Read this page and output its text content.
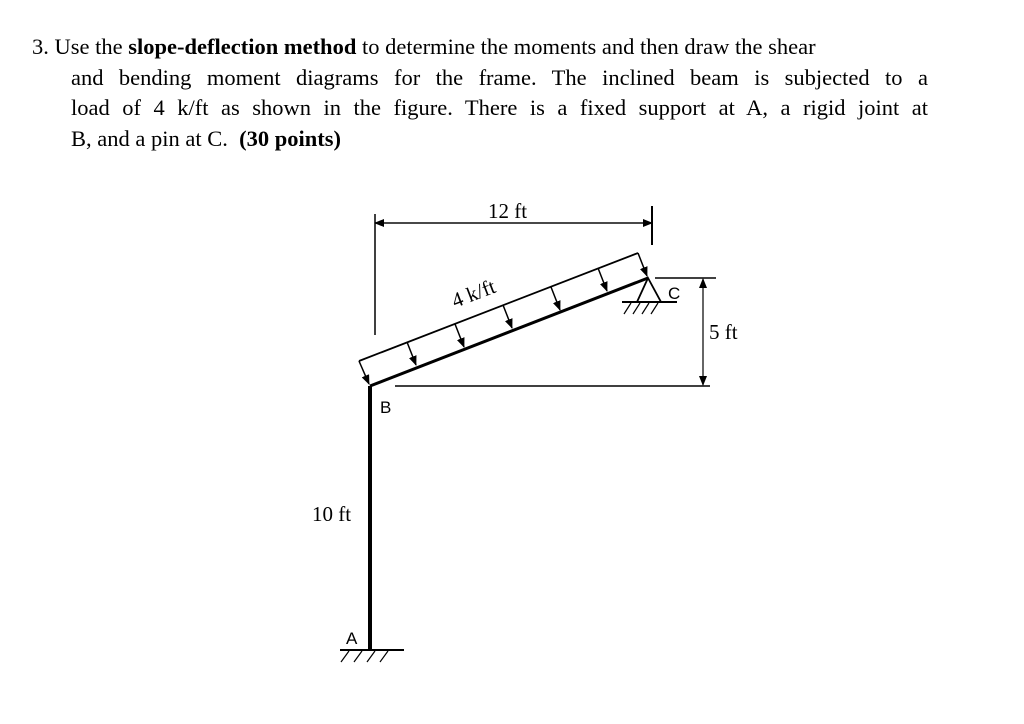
3. Use the slope-deflection method to determine the moments and then draw the shear
and bending moment diagrams for the frame. The inclined beam is subjected to a
load of 4 k/ft as shown in the figure. There is a fixed support at A, a rigid joint at
B, and a pin at C.  (30 points)
12 ft
5 ft
10 ft
4 k/ft
A
B
C
